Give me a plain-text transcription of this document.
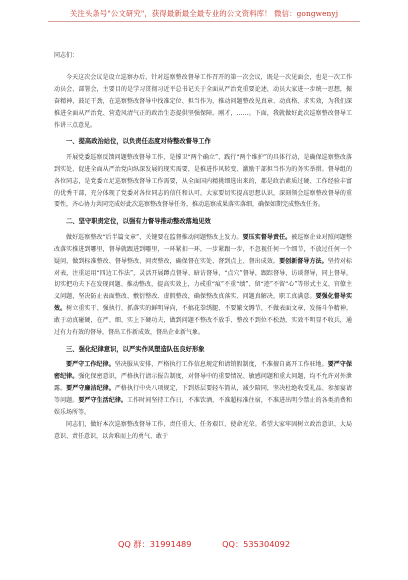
关注头条号"公文研究"，获得最新最全最专业的公文资料库！ 微信：gongwenyj

同志们：

今天这次会议是设立巡察办后，针对巡察整改督导工作召开的第一次会议，既是一次见面会，也是一次工作动员会、部署会，主要目的是学习贯彻习近平总书记关于全面从严治党重要论述，动员大家进一步统一思想，振奋精神，鼓足干劲，在巡察整改督导中找准定位、担当作为，推动问题整改见真章、动真格、求实效，为我们深推进全面从严治党、营造风清气正的政治生态提供坚强保障。刚才，……。下面，我就做好此次巡察整改督导工作讲三点意见。

一、提高政治站位，以负责任态度对待整改督导工作

开展党委巡察反馈问题整改督导工作，是撑卫“两个确立”、践行“两个维护”的具体行动，是确保巡察整改落到实处、促进全面从严治党向纵深发展的现实需要，是推进作风转变、激励干部担当作为的务实举措。督导组的各位同志，是党委立足巡察整改督导工作需要，从全面国内精挑细选出来的，都是政治素质过硬、工作经验丰富的优秀干部，充分体现了党委对各位同志的信任和认可。大家要切实提高思想认识，深刻领会巡察整改督导的重要性，齐心协力共同完成好此次巡察整改督导任务，推动巡察成果落实落细，确保如期完成整改任务。

二、坚守职责定位，以强有力督导推动整改落地见效

做好巡察整改“后半篇文章”，关键要在监督推动问题整改上发力。要压实督导责任。被巡察企业对照问题整改落实推进到哪里，督导就跟进到哪里，一环紧扣一环，一步紧跟一步，不忽视任何一个细节，不放过任何一个疑问，做到标准整改、督导整改、问责整改，确保督在实处、督到点上、督出成效。要创新督导方法。坚持对标对表，注重运用“四边工作法”，灵活开展蹲点督导、暗访督导，“点穴”督导，跟踪督导，访谈督导，同上督导，切实把功夫下在发现问题、推动整改，提高实效上，力戒重“痕”不重“绩”、留“迹”不留“心”等形式主义、官僚主义问题，坚决防止表面整改、敷衍整改、虚假整改，确保整改真落实、问题真解决，职工真满意。要强化督导实效。树立重实干、强执行、抓落实的鲜明导向，不搞花拳绣腿、不要繁文缛节，不做表面文章，发扬斗争精神，敢于动真碰硬，在严、细、实上下硬功夫，做到问题不整改不放手、整改不到位不松劲，实效不明显不收兵，通过有力有效的督导，督出工作新成效，督出企业新气象。

三、强化纪律意识，以严实作风塑造队伍良好形象

要严守工作纪律。坚决服从安排，严格执行工作信息规定和请销假制度，不准擅自离开工作驻地。要严守保密纪律。强化保密意识，严格执行请示报告制度，对督导中的重要情况、敏感问题和重大问题，均不允许对外泄露。要严守廉洁纪律。严格执行中央八项规定，下到基层要轻车简从，减少陪同，坚决杜绝收受礼品、参加宴请等问题。要严守生活纪律。工作时间坚持工作日，不准饮酒，不准超标准住宿，不准进出明令禁止的各类消费和娱乐场所等。

同志们，做好本次巡察整改督导工作，责任重大、任务艰巨、使命光荣。希望大家牢固树立政治意识、大局意识、责任意识，以舍难而上的勇气、敢于

QQ 群：31991489	QQ：535304092
